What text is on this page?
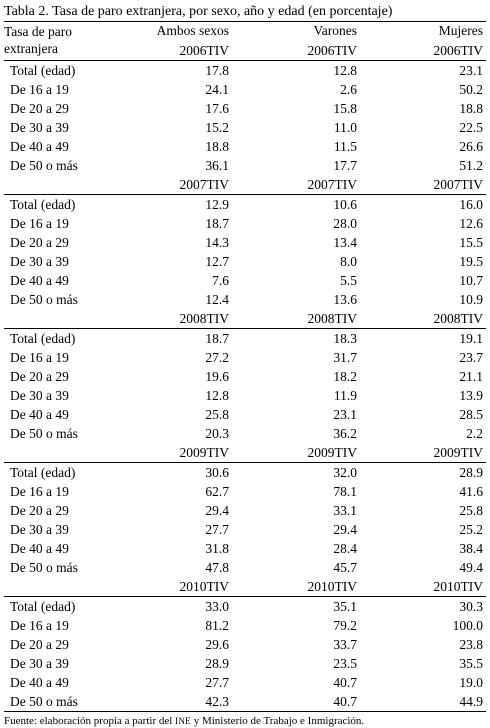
Tabla 2. Tasa de paro extranjera, por sexo, año y edad (en porcentaje)
Tasa de paro
extranjera	Ambos sexos	Varones	Mujeres
	2006TIV	2006TIV	2006TIV
Total (edad)	17.8	12.8	23.1
De 16 a 19	24.1	2.6	50.2
De 20 a 29	17.6	15.8	18.8
De 30 a 39	15.2	11.0	22.5
De 40 a 49	18.8	11.5	26.6
De 50 o más	36.1	17.7	51.2
	2007TIV	2007TIV	2007TIV
Total (edad)	12.9	10.6	16.0
De 16 a 19	18.7	28.0	12.6
De 20 a 29	14.3	13.4	15.5
De 30 a 39	12.7	8.0	19.5
De 40 a 49	7.6	5.5	10.7
De 50 o más	12.4	13.6	10.9
	2008TIV	2008TIV	2008TIV
Total (edad)	18.7	18.3	19.1
De 16 a 19	27.2	31.7	23.7
De 20 a 29	19.6	18.2	21.1
De 30 a 39	12.8	11.9	13.9
De 40 a 49	25.8	23.1	28.5
De 50 o más	20.3	36.2	2.2
	2009TIV	2009TIV	2009TIV
Total (edad)	30.6	32.0	28.9
De 16 a 19	62.7	78.1	41.6
De 20 a 29	29.4	33.1	25.8
De 30 a 39	27.7	29.4	25.2
De 40 a 49	31.8	28.4	38.4
De 50 o más	47.8	45.7	49.4
	2010TIV	2010TIV	2010TIV
Total (edad)	33.0	35.1	30.3
De 16 a 19	81.2	79.2	100.0
De 20 a 29	29.6	33.7	23.8
De 30 a 39	28.9	23.5	35.5
De 40 a 49	27.7	40.7	19.0
De 50 o más	42.3	40.7	44.9
Fuente: elaboración propia a partir del INE y Ministerio de Trabajo e Inmigración.
